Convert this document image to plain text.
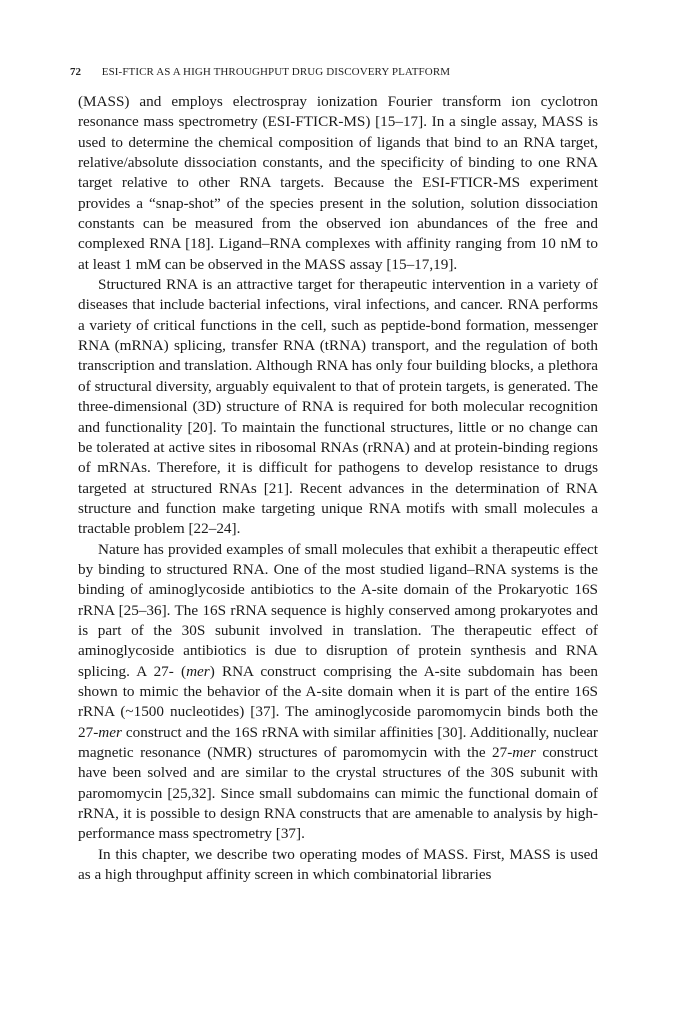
72 ESI-FTICR AS A HIGH THROUGHPUT DRUG DISCOVERY PLATFORM

(MASS) and employs electrospray ionization Fourier transform ion cyclotron resonance mass spectrometry (ESI-FTICR-MS) [15–17]. In a single assay, MASS is used to determine the chemical composition of ligands that bind to an RNA target, relative/absolute dissociation constants, and the specificity of binding to one RNA target relative to other RNA targets. Because the ESI-FTICR-MS experiment provides a “snap-shot” of the species present in the solution, solution dissociation constants can be measured from the observed ion abundances of the free and complexed RNA [18]. Ligand–RNA complexes with affinity ranging from 10 nM to at least 1 mM can be observed in the MASS assay [15–17,19].

Structured RNA is an attractive target for therapeutic intervention in a variety of diseases that include bacterial infections, viral infections, and cancer. RNA performs a variety of critical functions in the cell, such as peptide-bond formation, messenger RNA (mRNA) splicing, transfer RNA (tRNA) transport, and the regulation of both transcription and translation. Although RNA has only four building blocks, a plethora of structural diversity, arguably equivalent to that of protein targets, is generated. The three-dimensional (3D) structure of RNA is required for both molecular recognition and functionality [20]. To maintain the functional structures, little or no change can be tolerated at active sites in ribosomal RNAs (rRNA) and at protein-binding regions of mRNAs. Therefore, it is difficult for pathogens to develop resistance to drugs targeted at structured RNAs [21]. Recent advances in the determination of RNA structure and function make targeting unique RNA motifs with small molecules a tractable problem [22–24].

Nature has provided examples of small molecules that exhibit a therapeutic effect by binding to structured RNA. One of the most studied ligand–RNA systems is the binding of aminoglycoside antibiotics to the A-site domain of the Prokaryotic 16S rRNA [25–36]. The 16S rRNA sequence is highly conserved among prokaryotes and is part of the 30S subunit involved in translation. The therapeutic effect of aminoglycoside antibiotics is due to disruption of protein synthesis and RNA splicing. A 27- (mer) RNA construct comprising the A-site subdomain has been shown to mimic the behavior of the A-site domain when it is part of the entire 16S rRNA (~1500 nucleotides) [37]. The aminoglycoside paromomycin binds both the 27-mer construct and the 16S rRNA with similar affinities [30]. Additionally, nuclear magnetic resonance (NMR) structures of paromomycin with the 27-mer construct have been solved and are similar to the crystal structures of the 30S subunit with paromomycin [25,32]. Since small subdomains can mimic the functional domain of rRNA, it is possible to design RNA constructs that are amenable to analysis by high-performance mass spectrometry [37].

In this chapter, we describe two operating modes of MASS. First, MASS is used as a high throughput affinity screen in which combinatorial libraries
